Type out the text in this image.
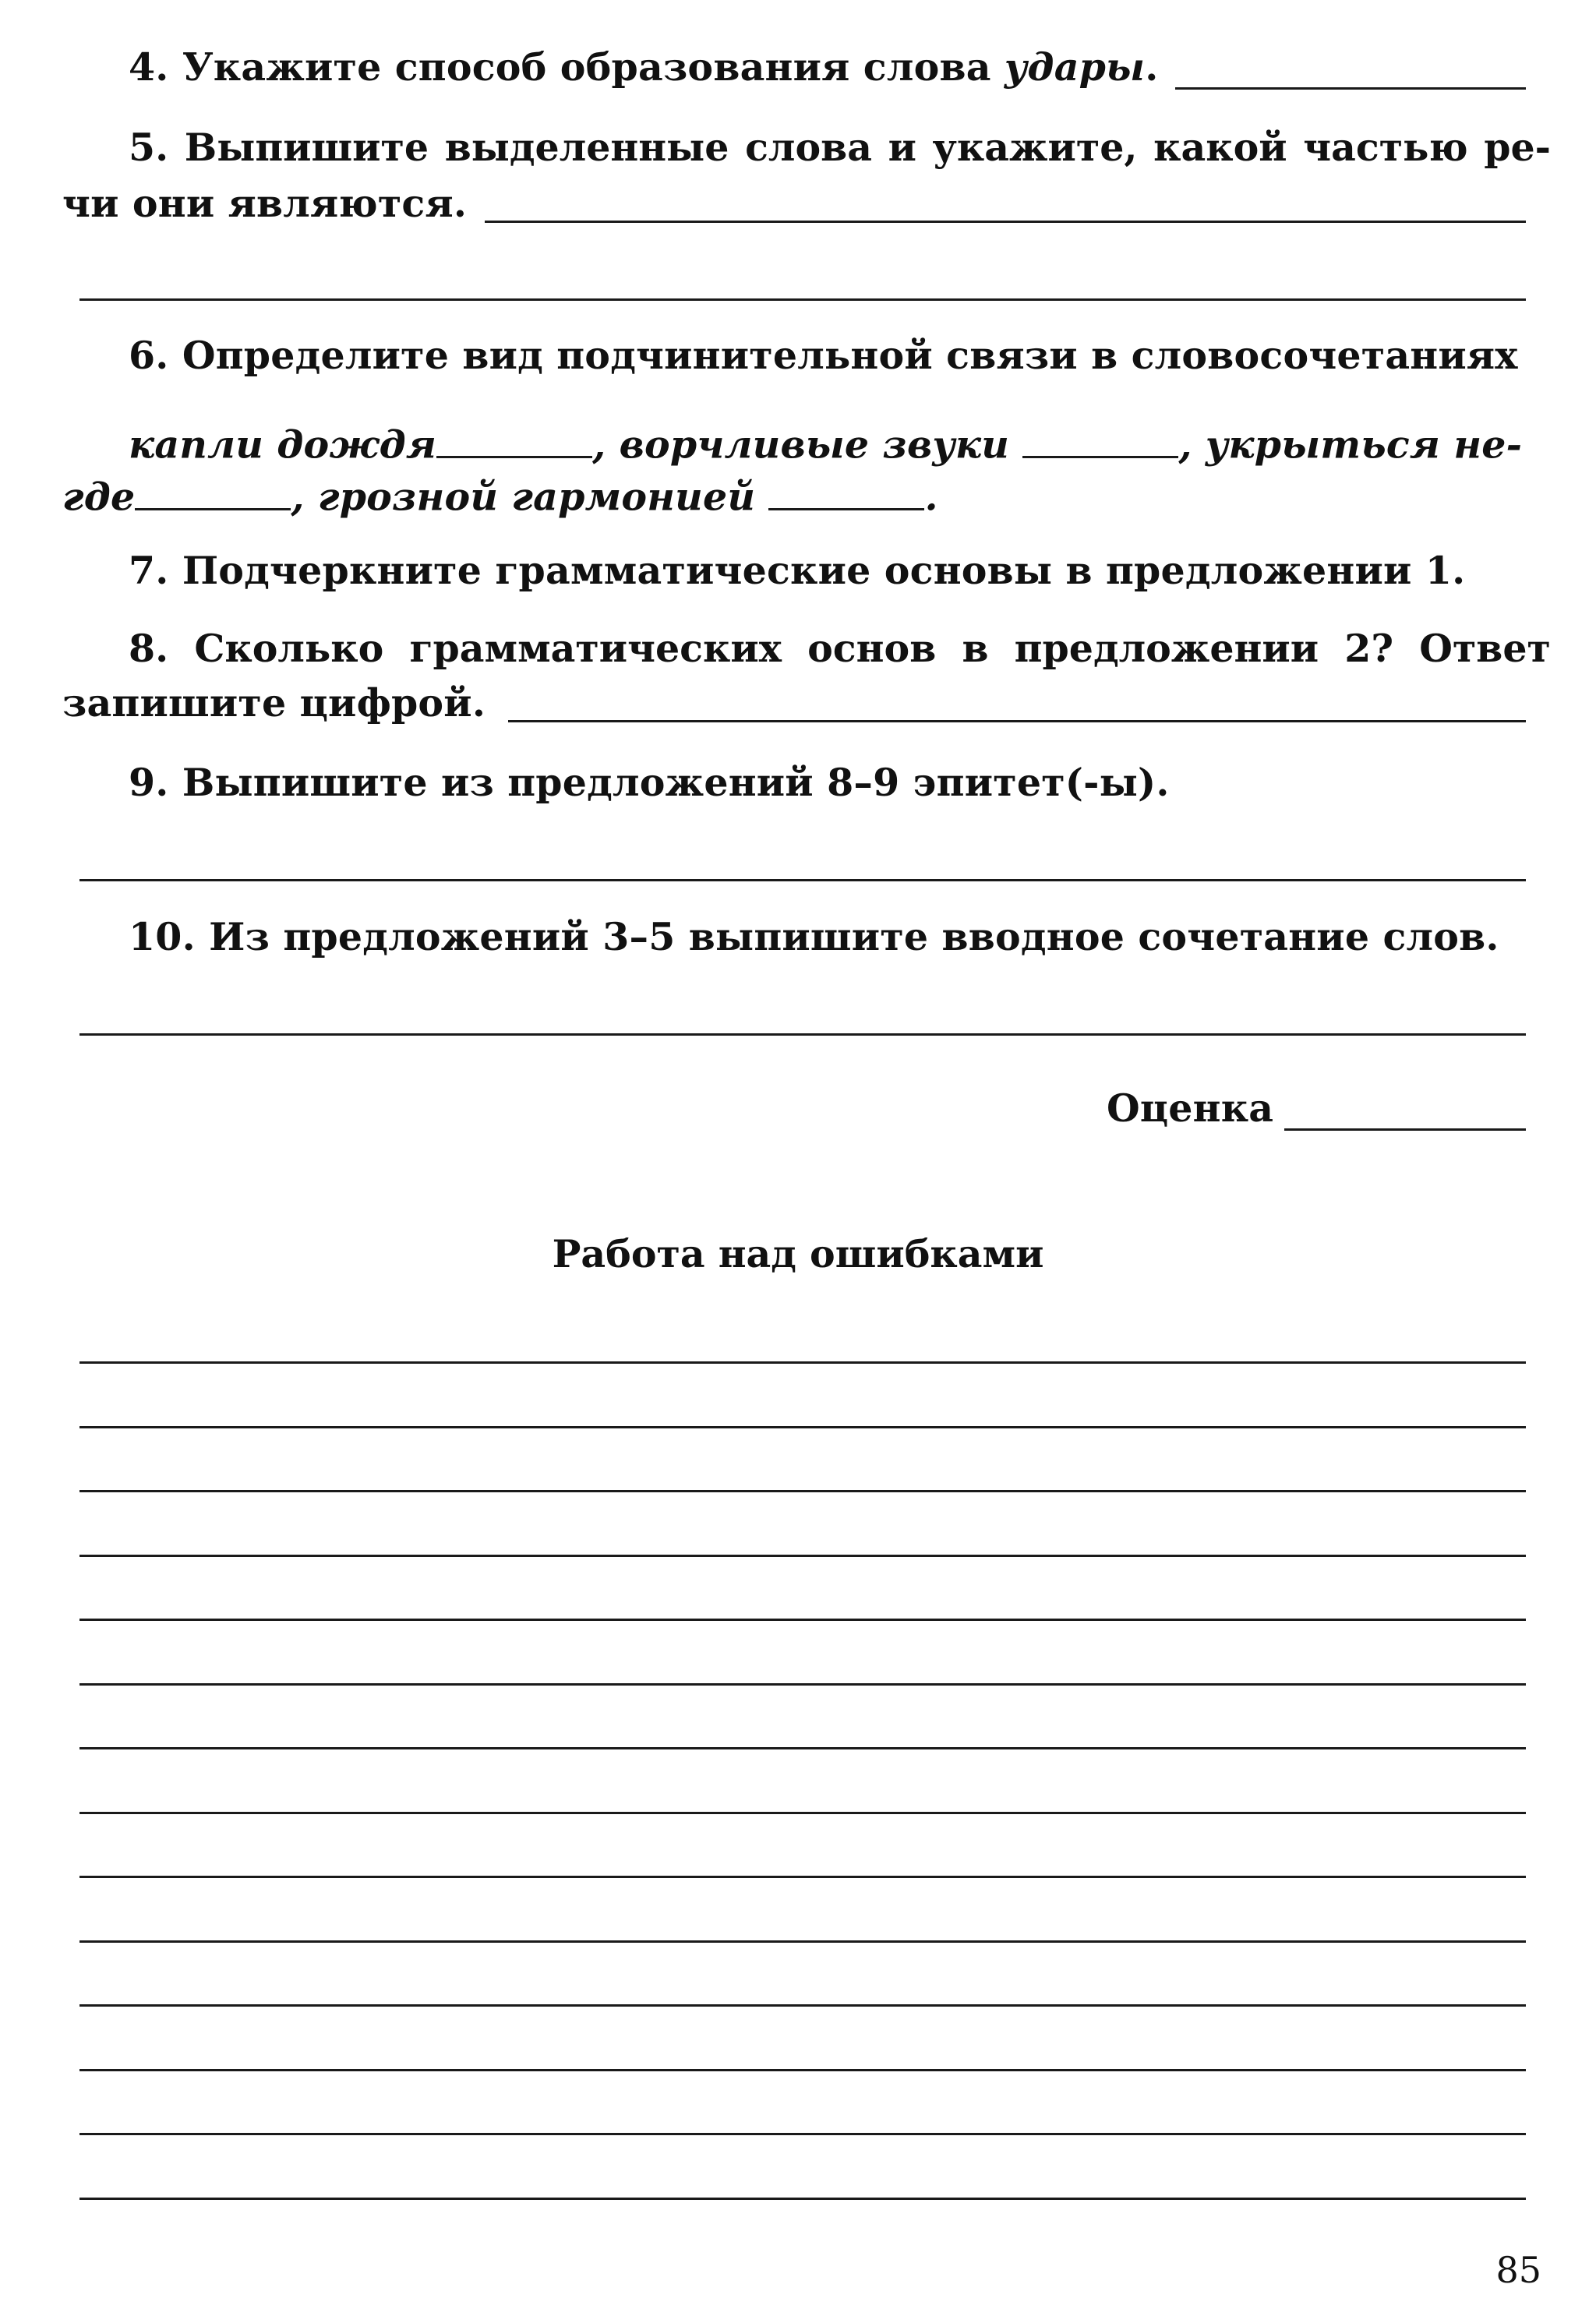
4. Укажите способ образования слова удары.
5. Выпишите выделенные слова и укажите, какой частью ре-
чи они являются.
6. Определите вид подчинительной связи в словосочетаниях
капли дождя	, ворчливые звуки	, укрыться не-
где	, грозной гармонией	.
7. Подчеркните грамматические основы в предложении 1.
8. Сколько грамматических основ в предложении 2? Ответ
запишите цифрой.
9. Выпишите из предложений 8–9 эпитет(-ы).
10. Из предложений 3–5 выпишите вводное сочетание слов.
Оценка
Работа над ошибками
85
